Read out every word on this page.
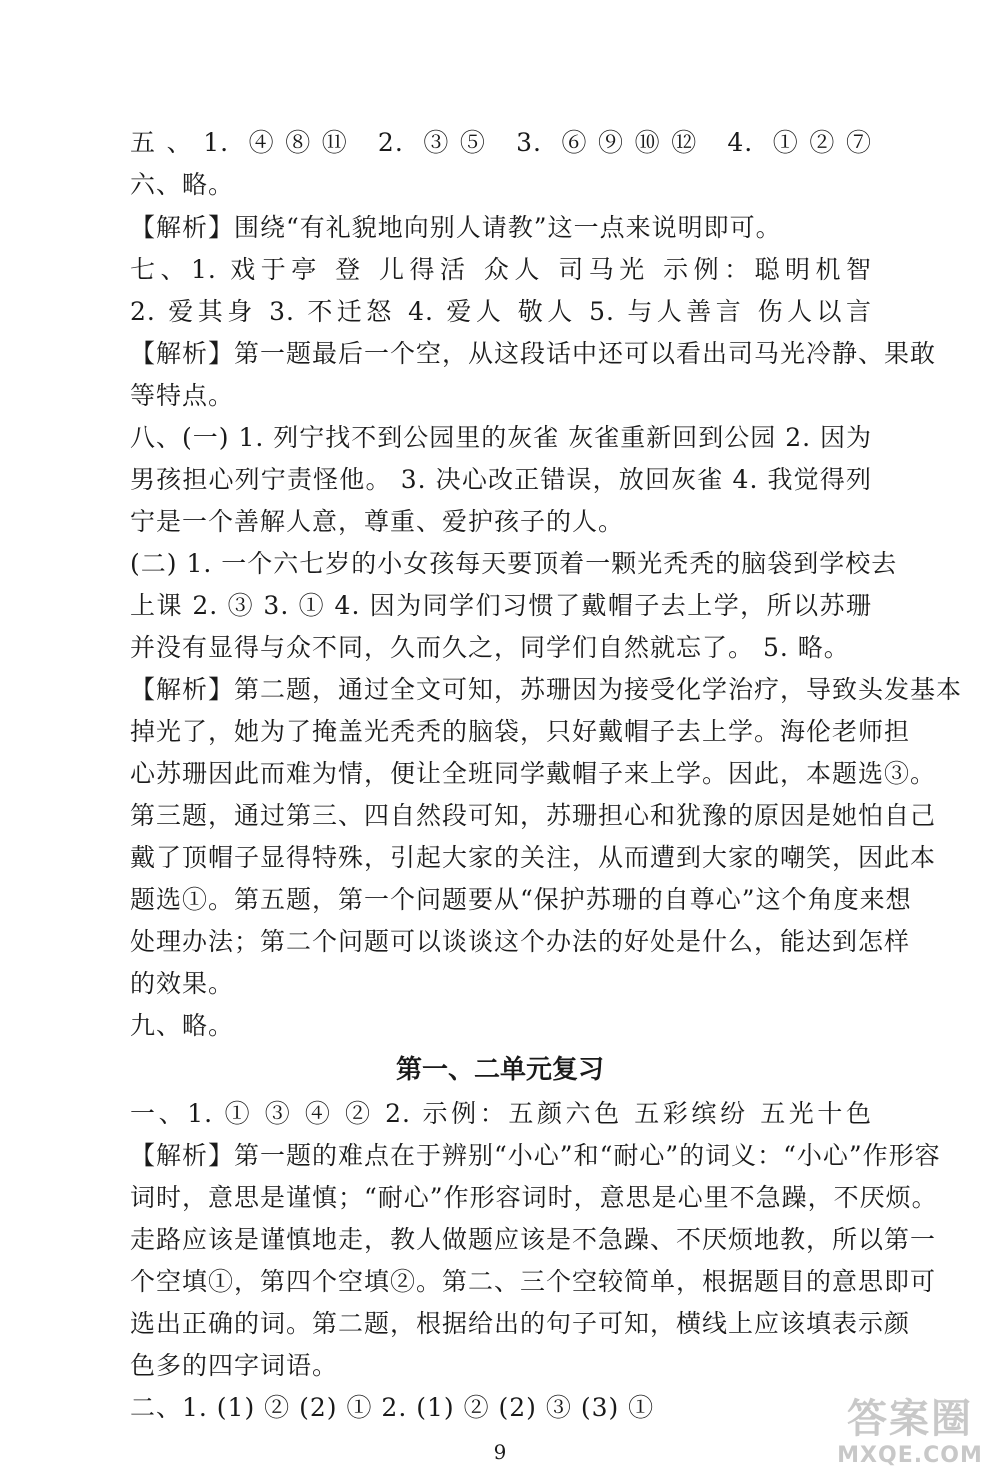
五、1. ④⑧⑪ 2. ③⑤ 3. ⑥⑨⑩⑫ 4. ①②⑦
六、略。
【解析】围绕“有礼貌地向别人请教”这一点来说明即可。
七、1. 戏于亭 登 儿得活 众人 司马光 示例：聪明机智
2. 爱其身 3. 不迁怒 4. 爱人 敬人 5. 与人善言 伤人以言
【解析】第一题最后一个空，从这段话中还可以看出司马光冷静、果敢
等特点。
八、(一) 1. 列宁找不到公园里的灰雀 灰雀重新回到公园 2. 因为
男孩担心列宁责怪他。 3. 决心改正错误，放回灰雀 4. 我觉得列
宁是一个善解人意，尊重、爱护孩子的人。
(二) 1. 一个六七岁的小女孩每天要顶着一颗光秃秃的脑袋到学校去
上课 2. ③ 3. ① 4. 因为同学们习惯了戴帽子去上学，所以苏珊
并没有显得与众不同，久而久之，同学们自然就忘了。 5. 略。
【解析】第二题，通过全文可知，苏珊因为接受化学治疗，导致头发基本
掉光了，她为了掩盖光秃秃的脑袋，只好戴帽子去上学。海伦老师担
心苏珊因此而难为情，便让全班同学戴帽子来上学。因此，本题选③。
第三题，通过第三、四自然段可知，苏珊担心和犹豫的原因是她怕自己
戴了顶帽子显得特殊，引起大家的关注，从而遭到大家的嘲笑，因此本
题选①。第五题，第一个问题要从“保护苏珊的自尊心”这个角度来想
处理办法；第二个问题可以谈谈这个办法的好处是什么，能达到怎样
的效果。
九、略。
第一、二单元复习
一、1. ① ③ ④ ② 2. 示例：五颜六色 五彩缤纷 五光十色
【解析】第一题的难点在于辨别“小心”和“耐心”的词义：“小心”作形容
词时，意思是谨慎；“耐心”作形容词时，意思是心里不急躁，不厌烦。
走路应该是谨慎地走，教人做题应该是不急躁、不厌烦地教，所以第一
个空填①，第四个空填②。第二、三个空较简单，根据题目的意思即可
选出正确的词。第二题，根据给出的句子可知，横线上应该填表示颜
色多的四字词语。
二、1. (1) ② (2) ① 2. (1) ② (2) ③ (3) ①
9
答案圈
MXQE.COM
